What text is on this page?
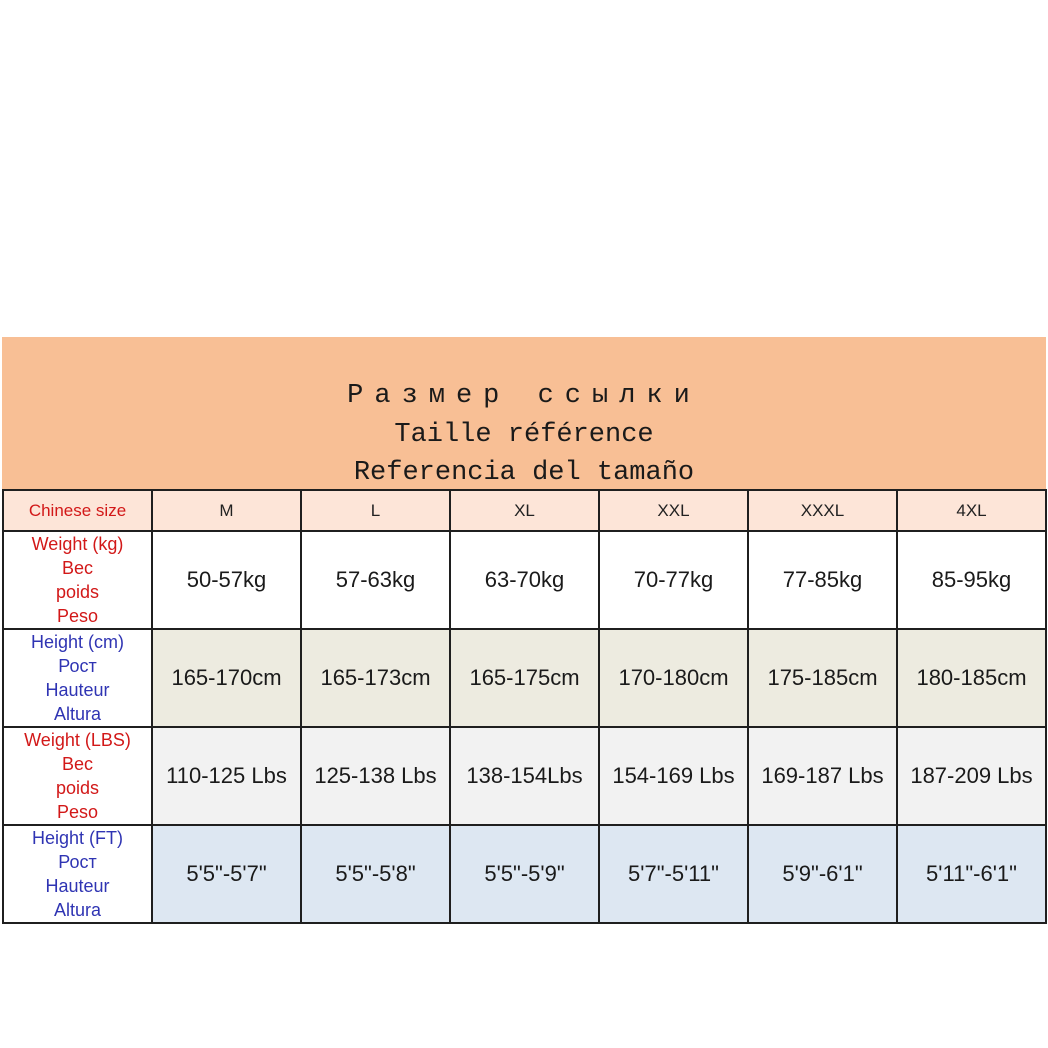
Размер ссылки
Taille référence
Referencia del tamaño
Chinese size	M	L	XL	XXL	XXXL	4XL

Weight (kg)
Вес
poids
Peso	50-57kg	57-63kg	63-70kg	70-77kg	77-85kg	85-95kg

Height (cm)
Рост
Hauteur
Altura	165-170cm	165-173cm	165-175cm	170-180cm	175-185cm	180-185cm

Weight (LBS)
Вес
poids
Peso	110-125 Lbs	125-138 Lbs	138-154Lbs	154-169 Lbs	169-187 Lbs	187-209 Lbs

Height (FT)
Рост
Hauteur
Altura	5'5"-5'7"	5'5"-5'8"	5'5"-5'9"	5'7"-5'11"	5'9"-6'1"	5'11"-6'1"
